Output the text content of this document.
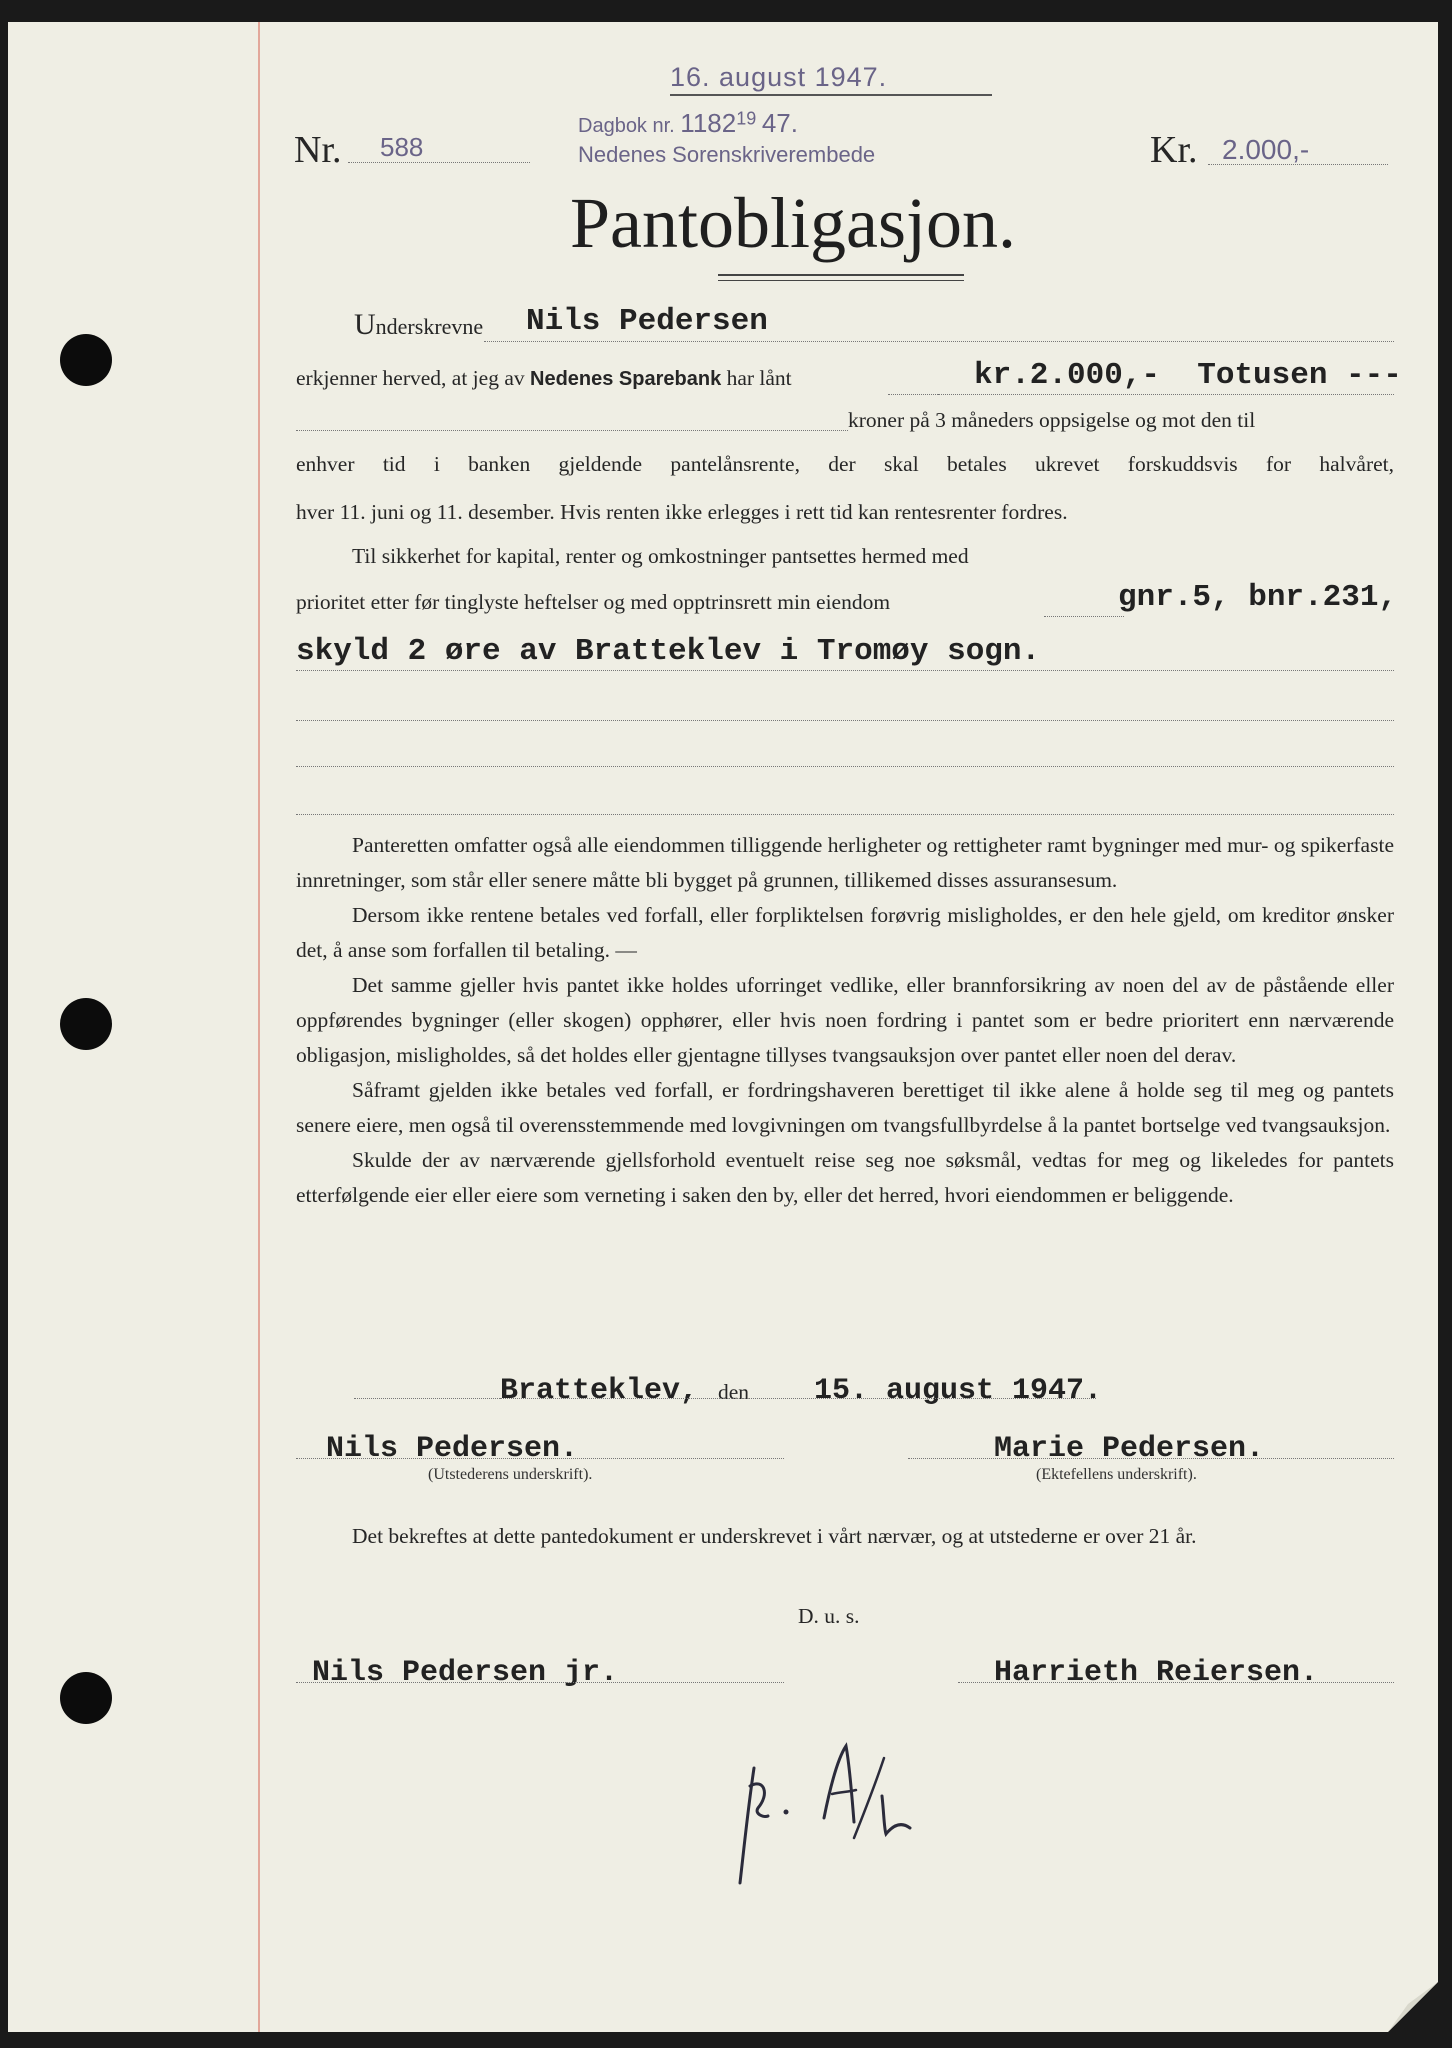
16. august 1947.
Dagbok nr. 118219 47.
Nedenes Sorenskriverembede
Nr. 588	Kr. 2.000,-
Pantobligasjon.
Underskrevne Nils Pedersen
erkjenner herved, at jeg av Nedenes Sparebank har lånt	kr.2.000,-  Totusen ---
kroner på 3 måneders oppsigelse og mot den til
enhver tid i banken gjeldende pantelånsrente, der skal betales ukrevet forskuddsvis for halvåret,
hver 11. juni og 11. desember. Hvis renten ikke erlegges i rett tid kan rentesrenter fordres.
Til sikkerhet for kapital, renter og omkostninger pantsettes hermed med
prioritet etter før tinglyste heftelser og med opptrinsrett min eiendom	gnr.5, bnr.231,
skyld 2 øre av Bratteklev i Tromøy sogn.

Panteretten omfatter også alle eiendommen tilliggende herligheter og rettigheter ramt bygninger med mur- og spikerfaste innretninger, som står eller senere måtte bli bygget på grunnen, tillikemed disses assuransesum.

Dersom ikke rentene betales ved forfall, eller forpliktelsen forøvrig misligholdes, er den hele gjeld, om kreditor ønsker det, å anse som forfallen til betaling. —

Det samme gjeller hvis pantet ikke holdes uforringet vedlike, eller brannforsikring av noen del av de påstående eller oppførendes bygninger (eller skogen) opphører, eller hvis noen fordring i pantet som er bedre prioritert enn nærværende obligasjon, misligholdes, så det holdes eller gjentagne tillyses tvangsauksjon over pantet eller noen del derav.

Såframt gjelden ikke betales ved forfall, er fordringshaveren berettiget til ikke alene å holde seg til meg og pantets senere eiere, men også til overensstemmende med lovgivningen om tvangsfullbyrdelse å la pantet bortselge ved tvangsauksjon.

Skulde der av nærværende gjellsforhold eventuelt reise seg noe søksmål, vedtas for meg og likeledes for pantets etterfølgende eier eller eiere som verneting i saken den by, eller det herred, hvori eiendommen er beliggende.

Bratteklev, den 15. august 1947.
Nils Pedersen.
(Utstederens underskrift).
Marie Pedersen.
(Ektefellens underskrift).
Det bekreftes at dette pantedokument er underskrevet i vårt nærvær, og at utstederne er over 21 år.
D. u. s.
Nils Pedersen jr.	Harrieth Reiersen.
